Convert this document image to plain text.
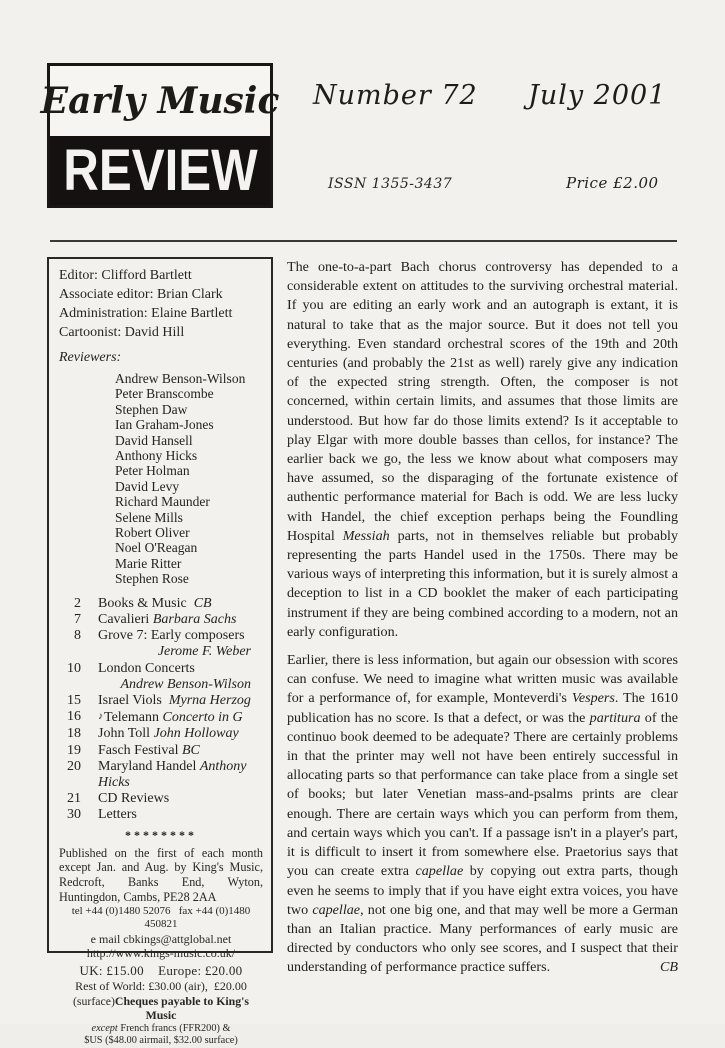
Early Music
REVIEW
Number 72 July 2001
ISSN 1355-3437	Price £2.00
Editor: Clifford Bartlett
Associate editor: Brian Clark
Administration: Elaine Bartlett
Cartoonist: David Hill
Reviewers:
Andrew Benson-Wilson
Peter Branscombe
Stephen Daw
Ian Graham-Jones
David Hansell
Anthony Hicks
Peter Holman
David Levy
Richard Maunder
Selene Mills
Robert Oliver
Noel O'Reagan
Marie Ritter
Stephen Rose
2 Books & Music  CB
7 Cavalieri Barbara Sachs
8 Grove 7: Early composers
Jerome F. Weber
10 London Concerts
Andrew Benson-Wilson
15 Israel Viols  Myrna Herzog
16 ♪Telemann Concerto in G
18 John Toll John Holloway
19 Fasch Festival BC
20 Maryland Handel Anthony Hicks
21 CD Reviews
30 Letters
********
Published on the first of each month except Jan. and Aug. by King's Music, Redcroft, Banks End, Wyton, Huntingdon, Cambs, PE28 2AA
tel +44 (0)1480 52076   fax +44 (0)1480 450821
e mail cbkings@attglobal.net
http://www.kings-music.co.uk/
UK: £15.00    Europe: £20.00
Rest of World: £30.00 (air),  £20.00
(surface)Cheques payable to King's Music
except French francs (FFR200) &
$US ($48.00 airmail, $32.00 surface)

The one-to-a-part Bach chorus controversy has depended to a considerable extent on attitudes to the surviving orchestral material. If you are editing an early work and an autograph is extant, it is natural to take that as the major source. But it does not tell you everything. Even standard orchestral scores of the 19th and 20th centuries (and probably the 21st as well) rarely give any indication of the expected string strength. Often, the composer is not concerned, within certain limits, and assumes that those limits are understood. But how far do those limits extend? Is it acceptable to play Elgar with more double basses than cellos, for instance? The earlier back we go, the less we know about what composers may have assumed, so the disparaging of the fortunate existence of authentic performance material for Bach is odd. We are less lucky with Handel, the chief exception perhaps being the Foundling Hospital Messiah parts, not in themselves reliable but probably representing the parts Handel used in the 1750s. There may be various ways of interpreting this information, but it is surely almost a deception to list in a CD booklet the maker of each participating instrument if they are being combined according to a modern, not an early configuration.

Earlier, there is less information, but again our obsession with scores can confuse. We need to imagine what written music was available for a performance of, for example, Monteverdi's Vespers. The 1610 publication has no score. Is that a defect, or was the partitura of the continuo book deemed to be adequate? There are certainly problems in that the printer may well not have been entirely successful in allocating parts so that performance can take place from a single set of books; but later Venetian mass-and-psalms prints are clear enough. There are certain ways which you can perform from them, and certain ways which you can't. If a passage isn't in a player's part, it is difficult to insert it from somewhere else. Praetorius says that you can create extra capellae by copying out extra parts, though even he seems to imply that if you have eight extra voices, you have two capellae, not one big one, and that may well be more a German than an Italian practice. Many performances of early music are directed by conductors who only see scores, and I suspect that their understanding of performance practice suffers.	CB
